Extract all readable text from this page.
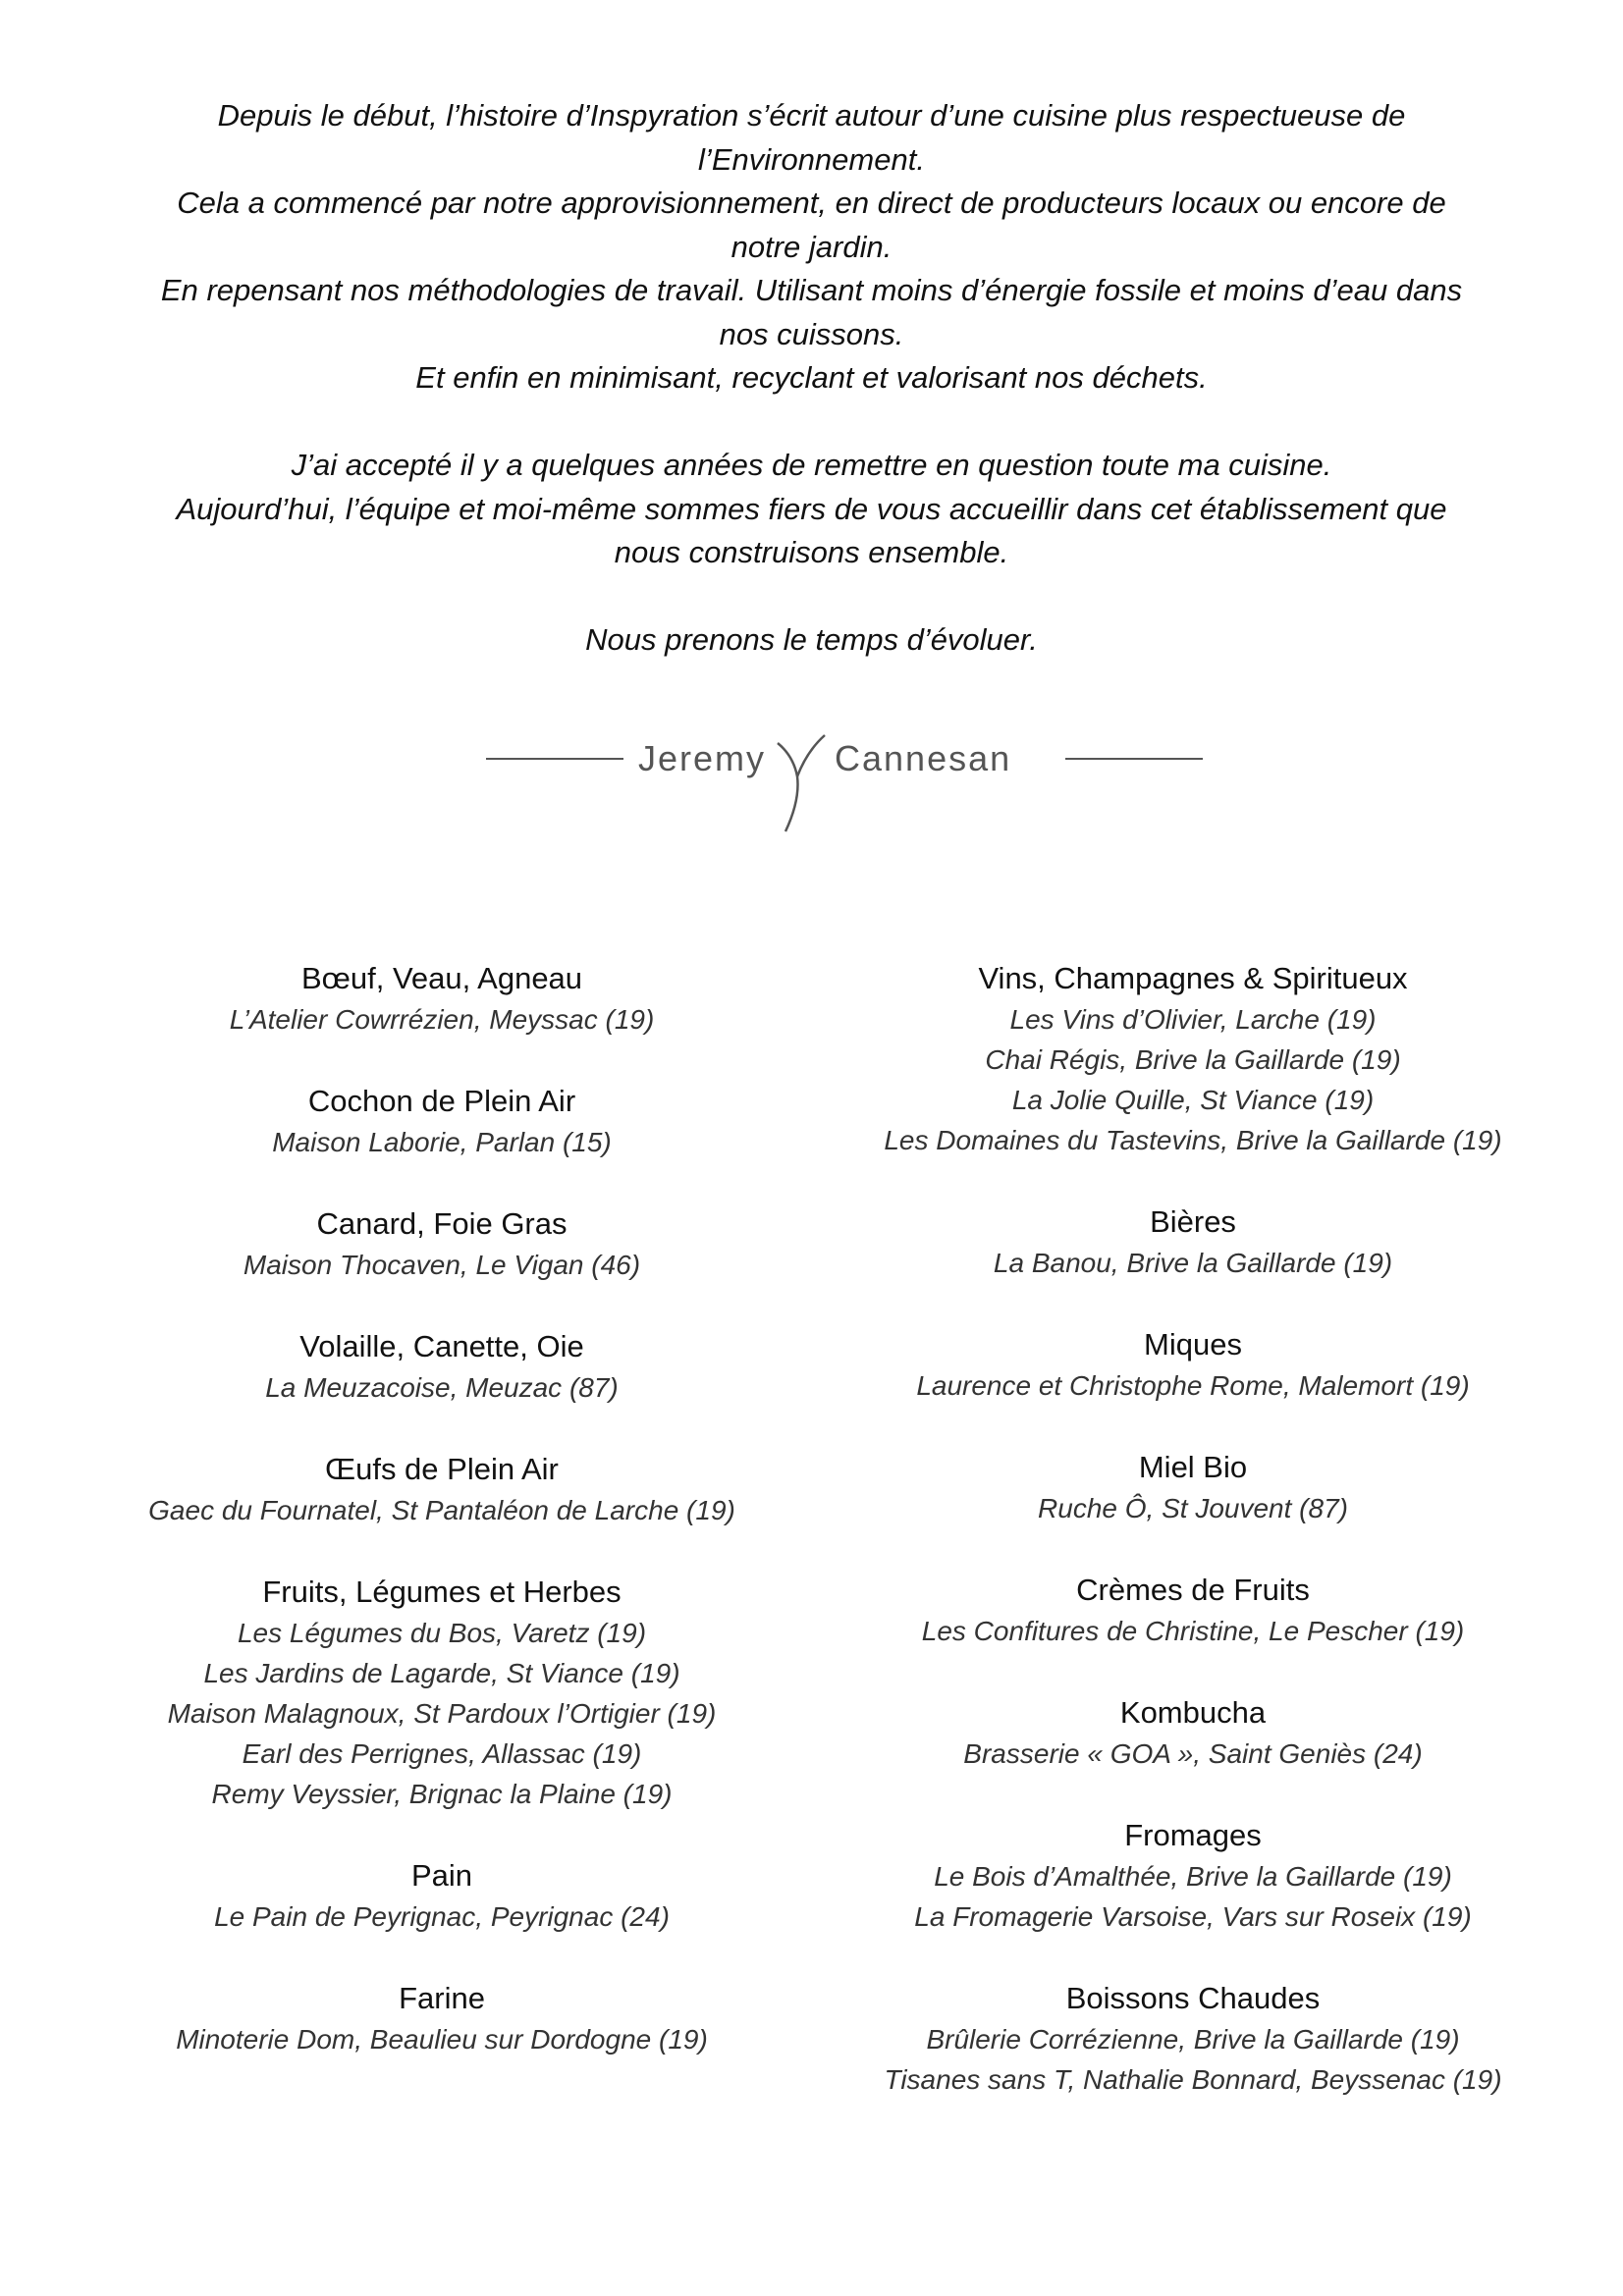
Depuis le début, l’histoire d’Inspyration s’écrit autour d’une cuisine plus respectueuse de

l’Environnement.

Cela a commencé par notre approvisionnement, en direct de producteurs locaux ou encore de

notre jardin.

En repensant nos méthodologies de travail. Utilisant moins d’énergie fossile et moins d’eau dans

nos cuissons.

Et enfin en minimisant, recyclant et valorisant nos déchets.

J’ai accepté il y a quelques années de remettre en question toute ma cuisine.

Aujourd’hui, l’équipe et moi-même sommes fiers de vous accueillir dans cet établissement que

nous construisons ensemble.

Nous prenons le temps d’évoluer.

Jeremy Cannesan
Bœuf, Veau, Agneau

L’Atelier Cowrrézien, Meyssac (19)

Cochon de Plein Air

Maison Laborie, Parlan (15)

Canard, Foie Gras

Maison Thocaven, Le Vigan (46)

Volaille, Canette, Oie

La Meuzacoise, Meuzac (87)

Œufs de Plein Air

Gaec du Fournatel, St Pantaléon de Larche (19)

Fruits, Légumes et Herbes

Les Légumes du Bos, Varetz (19)

Les Jardins de Lagarde, St Viance (19)

Maison Malagnoux, St Pardoux l’Ortigier (19)

Earl des Perrignes, Allassac (19)

Remy Veyssier, Brignac la Plaine (19)

Pain

Le Pain de Peyrignac, Peyrignac (24)

Farine

Minoterie Dom, Beaulieu sur Dordogne (19)

Vins, Champagnes & Spiritueux

Les Vins d’Olivier, Larche (19)

Chai Régis, Brive la Gaillarde (19)

La Jolie Quille, St Viance (19)

Les Domaines du Tastevins, Brive la Gaillarde (19)

Bières

La Banou, Brive la Gaillarde (19)

Miques

Laurence et Christophe Rome, Malemort (19)

Miel Bio

Ruche Ô, St Jouvent (87)

Crèmes de Fruits

Les Confitures de Christine, Le Pescher (19)

Kombucha

Brasserie « GOA », Saint Geniès (24)

Fromages

Le Bois d’Amalthée, Brive la Gaillarde (19)

La Fromagerie Varsoise, Vars sur Roseix (19)

Boissons Chaudes

Brûlerie Corrézienne, Brive la Gaillarde (19)

Tisanes sans T, Nathalie Bonnard, Beyssenac (19)
